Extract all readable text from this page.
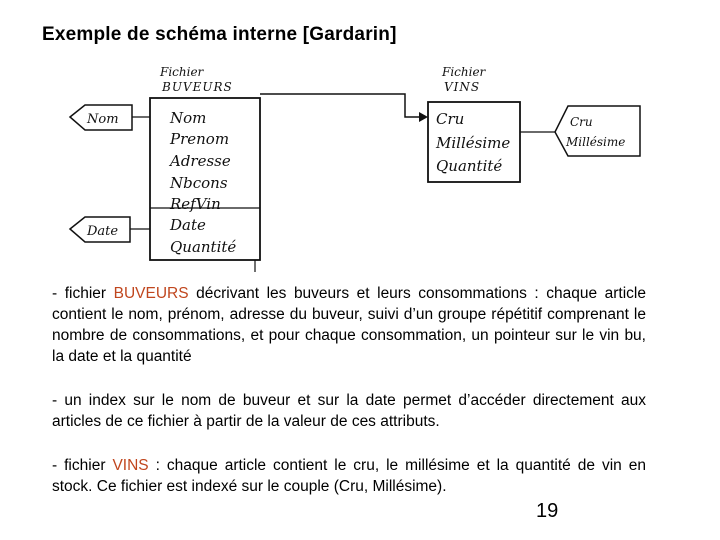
Exemple de schéma interne [Gardarin]
Fichier
BUVEURS
Nom
Prenom
Adresse
Nbcons
RefVin
Date
Quantité
Nom
Date
Fichier
VINS
Cru
Millésime
Quantité
Cru
Millésime
- fichier BUVEURS décrivant les buveurs et leurs consommations : chaque article contient le nom, prénom, adresse du buveur, suivi d’un groupe répétitif comprenant le nombre de consommations, et pour chaque consommation, un pointeur sur le vin bu, la date et la quantité
- un index sur le nom de buveur et sur la date permet d’accéder directement aux articles de ce fichier à partir de la valeur de ces attributs.
- fichier VINS : chaque article contient le cru, le millésime et la quantité de vin en stock. Ce fichier est indexé sur le couple (Cru, Millésime).
19
